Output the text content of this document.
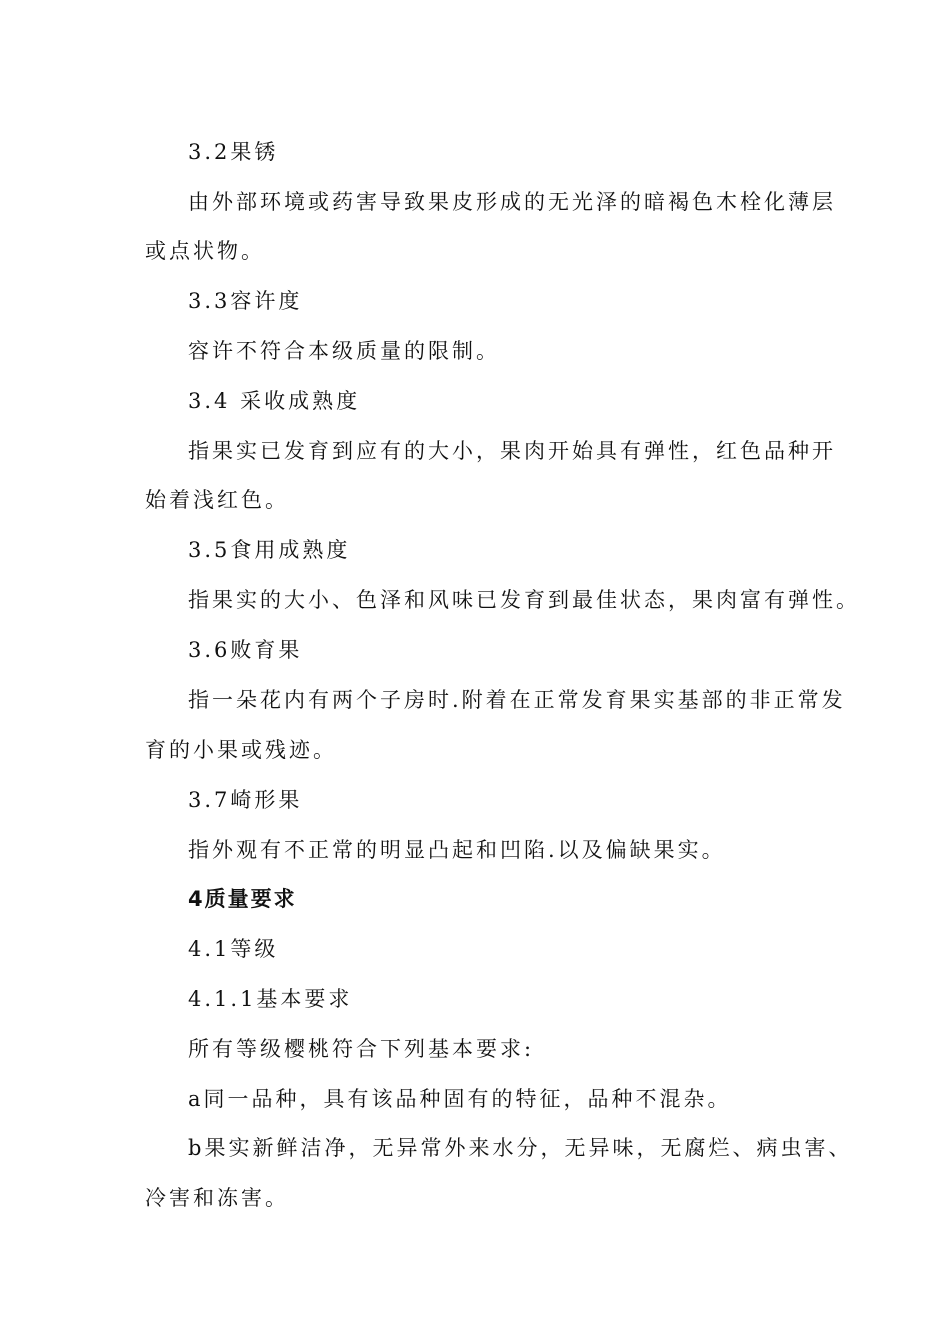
3.2果锈
由外部环境或药害导致果皮形成的无光泽的暗褐色木栓化薄层
或点状物。
3.3容许度
容许不符合本级质量的限制。
3.4 采收成熟度
指果实已发育到应有的大小，果肉开始具有弹性，红色品种开
始着浅红色。
3.5食用成熟度
指果实的大小、色泽和风味已发育到最佳状态，果肉富有弹性。
3.6败育果
指一朵花内有两个子房时.附着在正常发育果实基部的非正常发
育的小果或残迹。
3.7崎形果
指外观有不正常的明显凸起和凹陷.以及偏缺果实。
4质量要求
4.1等级
4.1.1基本要求
所有等级樱桃符合下列基本要求:
a同一品种，具有该品种固有的特征，品种不混杂。
b果实新鲜洁净，无异常外来水分，无异味，无腐烂、病虫害、
冷害和冻害。
